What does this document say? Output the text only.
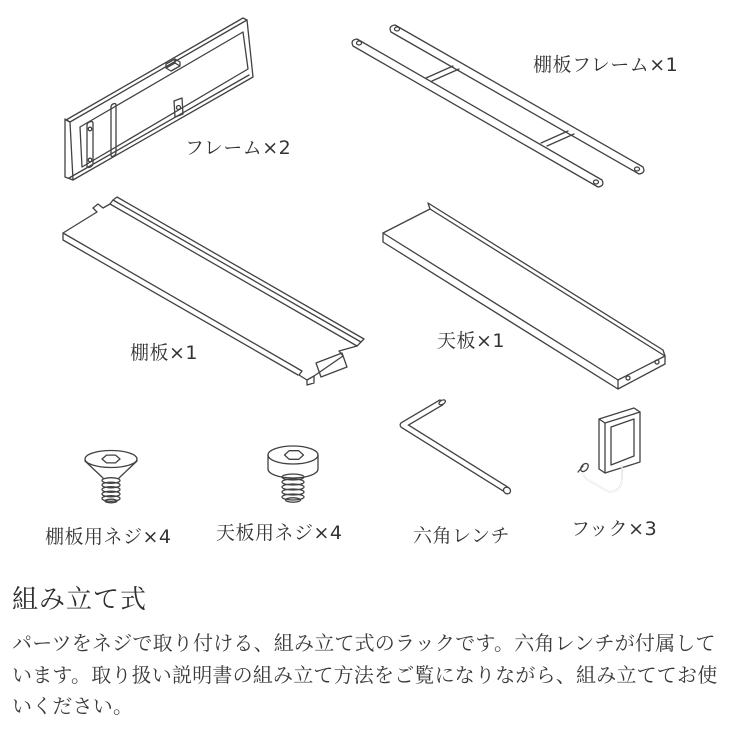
フレーム×2
棚板フレーム×1
棚板×1
天板×1
棚板用ネジ×4 天板用ネジ×4	六角レンチ	フック×3
組み立て式

パーツをネジで取り付ける、組み立て式のラックです。六角レンチが付属しています。取り扱い説明書の組み立て方法をご覧になりながら、組み立ててお使いください。
